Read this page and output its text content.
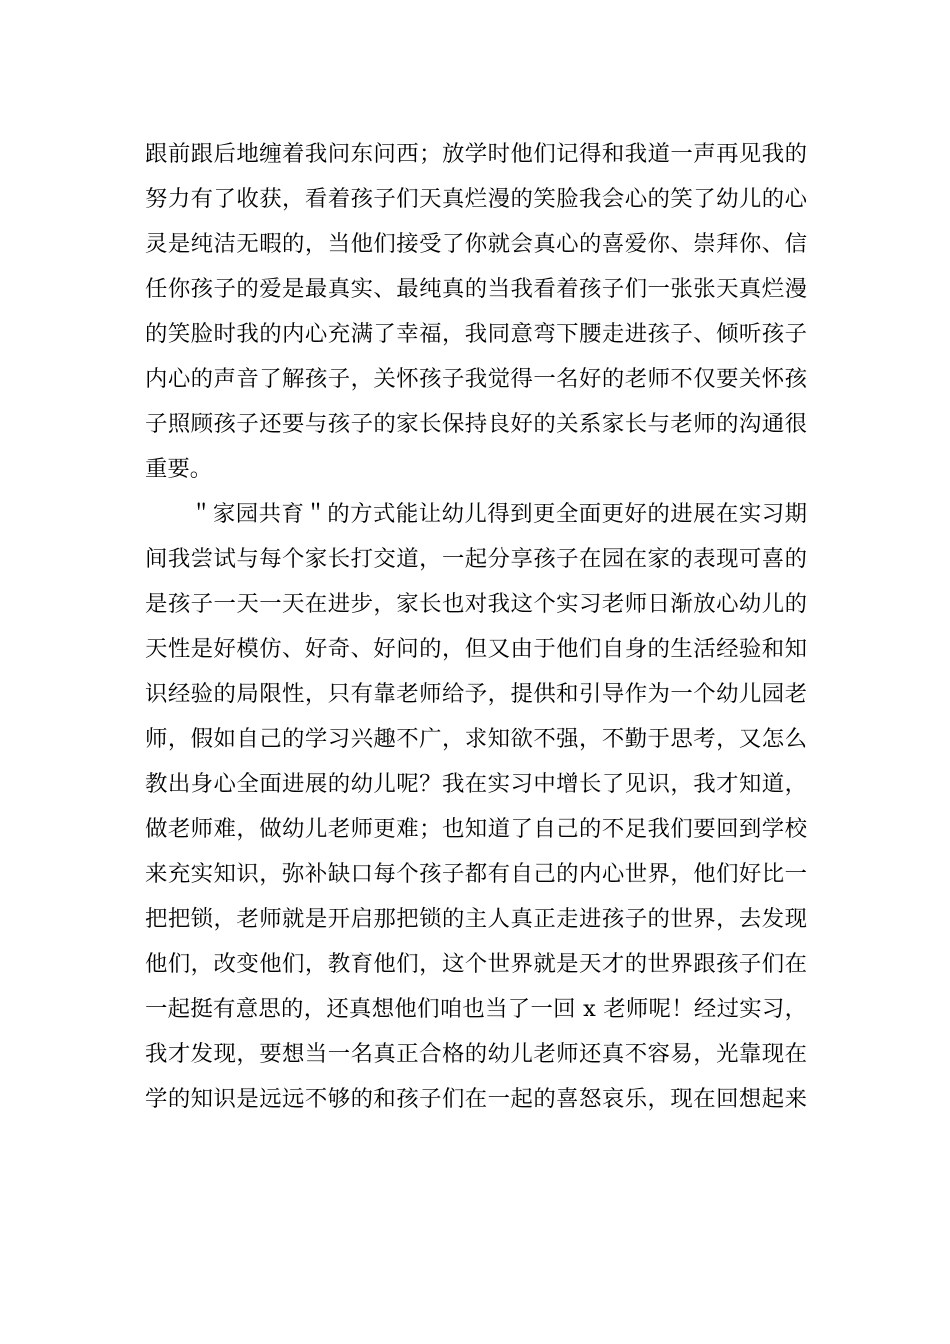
跟前跟后地缠着我问东问西；放学时他们记得和我道一声再见我的
努力有了收获，看着孩子们天真烂漫的笑脸我会心的笑了幼儿的心
灵是纯洁无暇的，当他们接受了你就会真心的喜爱你、崇拜你、信
任你孩子的爱是最真实、最纯真的当我看着孩子们一张张天真烂漫
的笑脸时我的内心充满了幸福，我同意弯下腰走进孩子、倾听孩子
内心的声音了解孩子，关怀孩子我觉得一名好的老师不仅要关怀孩
子照顾孩子还要与孩子的家长保持良好的关系家长与老师的沟通很
重要。
＂家园共育＂的方式能让幼儿得到更全面更好的进展在实习期
间我尝试与每个家长打交道，一起分享孩子在园在家的表现可喜的
是孩子一天一天在进步，家长也对我这个实习老师日渐放心幼儿的
天性是好模仿、好奇、好问的，但又由于他们自身的生活经验和知
识经验的局限性，只有靠老师给予，提供和引导作为一个幼儿园老
师，假如自己的学习兴趣不广，求知欲不强，不勤于思考，又怎么
教出身心全面进展的幼儿呢？我在实习中增长了见识，我才知道，
做老师难，做幼儿老师更难；也知道了自己的不足我们要回到学校
来充实知识，弥补缺口每个孩子都有自己的内心世界，他们好比一
把把锁，老师就是开启那把锁的主人真正走进孩子的世界，去发现
他们，改变他们，教育他们，这个世界就是天才的世界跟孩子们在
一起挺有意思的，还真想他们咱也当了一回 x 老师呢！经过实习，
我才发现，要想当一名真正合格的幼儿老师还真不容易，光靠现在
学的知识是远远不够的和孩子们在一起的喜怒哀乐，现在回想起来
